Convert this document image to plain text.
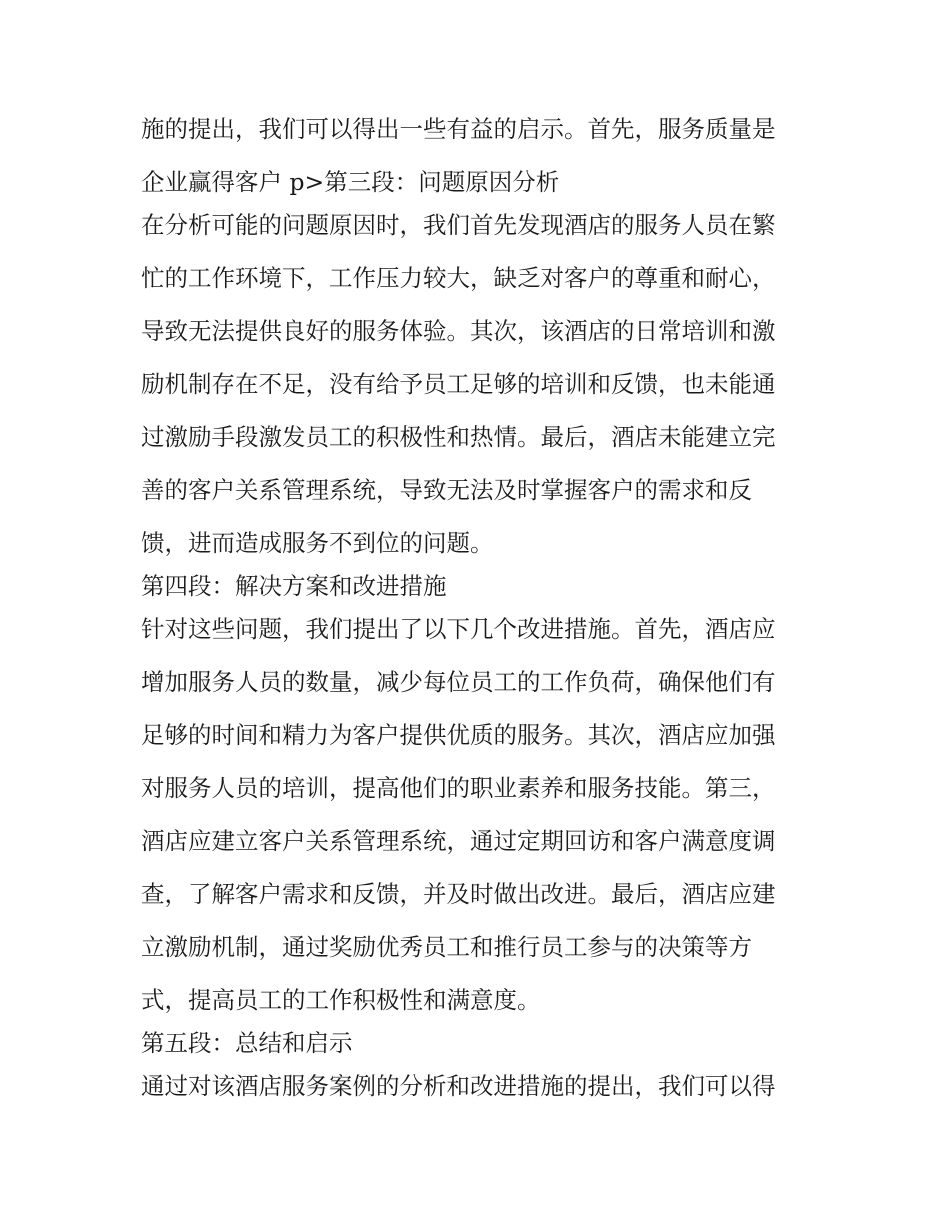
施的提出，我们可以得出一些有益的启示。首先，服务质量是
企业赢得客户 p>第三段：问题原因分析
在分析可能的问题原因时，我们首先发现酒店的服务人员在繁
忙的工作环境下，工作压力较大，缺乏对客户的尊重和耐心，
导致无法提供良好的服务体验。其次，该酒店的日常培训和激
励机制存在不足，没有给予员工足够的培训和反馈，也未能通
过激励手段激发员工的积极性和热情。最后，酒店未能建立完
善的客户关系管理系统，导致无法及时掌握客户的需求和反
馈，进而造成服务不到位的问题。
第四段：解决方案和改进措施
针对这些问题，我们提出了以下几个改进措施。首先，酒店应
增加服务人员的数量，减少每位员工的工作负荷，确保他们有
足够的时间和精力为客户提供优质的服务。其次，酒店应加强
对服务人员的培训，提高他们的职业素养和服务技能。第三，
酒店应建立客户关系管理系统，通过定期回访和客户满意度调
查，了解客户需求和反馈，并及时做出改进。最后，酒店应建
立激励机制，通过奖励优秀员工和推行员工参与的决策等方
式，提高员工的工作积极性和满意度。
第五段：总结和启示
通过对该酒店服务案例的分析和改进措施的提出，我们可以得
